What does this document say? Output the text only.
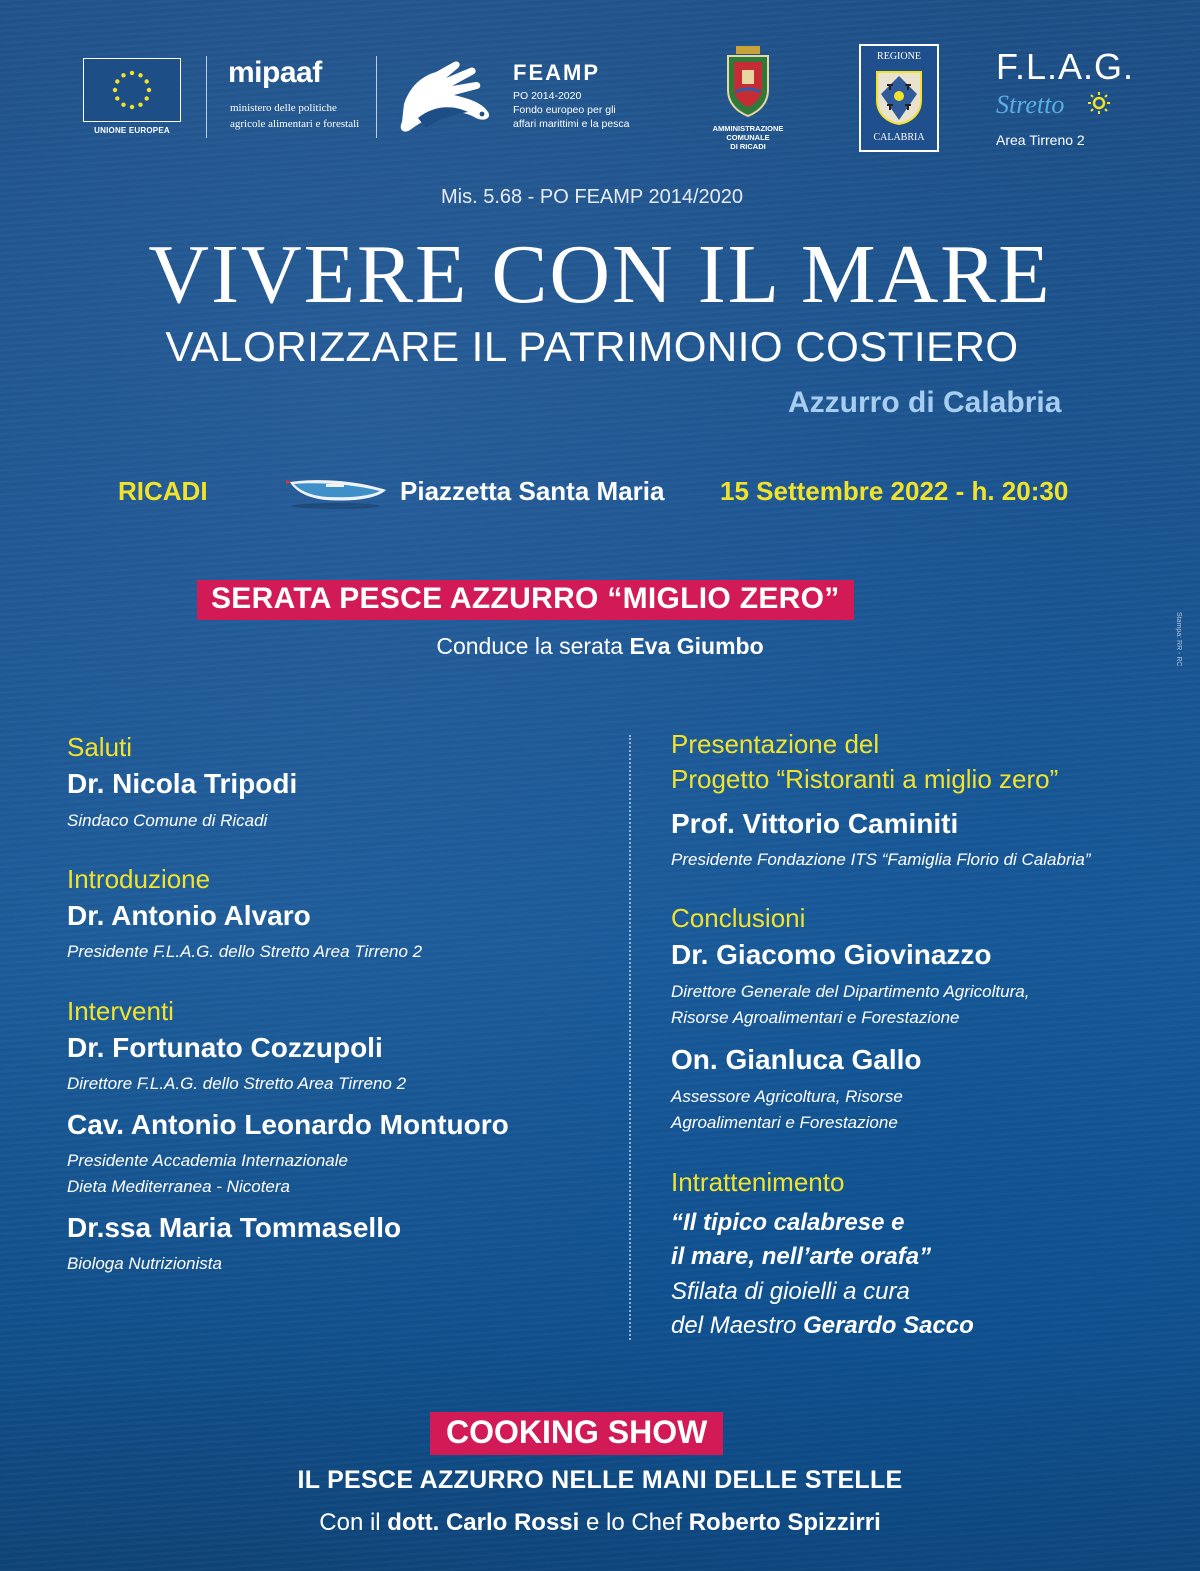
UNIONE EUROPEA
mipaaf
ministero delle politiche
agricole alimentari e forestali
FEAMP
PO 2014-2020
Fondo europeo per gli
affari marittimi e la pesca	AMMINISTRAZIONE
COMUNALE
DI RICADI
REGIONE
CALABRIA
F.L.A.G.
Stretto
Area Tirreno 2
Mis. 5.68 - PO FEAMP 2014/2020
VIVERE CON IL MARE
VALORIZZARE IL PATRIMONIO COSTIERO
Azzurro di Calabria
RICADI	Piazzetta Santa Maria 15 Settembre 2022 - h. 20:30
SERATA PESCE AZZURRO “MIGLIO ZERO”
Conduce la serata Eva Giumbo	Stampa: RR - RC
Saluti
Dr. Nicola Tripodi
Sindaco Comune di Ricadi
Introduzione
Dr. Antonio Alvaro
Presidente F.L.A.G. dello Stretto Area Tirreno 2
Interventi
Dr. Fortunato Cozzupoli
Direttore F.L.A.G. dello Stretto Area Tirreno 2
Cav. Antonio Leonardo Montuoro
Presidente Accademia Internazionale
Dieta Mediterranea - Nicotera
Dr.ssa Maria Tommasello
Biologa Nutrizionista
Presentazione del
Progetto “Ristoranti a miglio zero”
Prof. Vittorio Caminiti
Presidente Fondazione ITS “Famiglia Florio di Calabria”
Conclusioni
Dr. Giacomo Giovinazzo
Direttore Generale del Dipartimento Agricoltura,
Risorse Agroalimentari e Forestazione
On. Gianluca Gallo
Assessore Agricoltura, Risorse
Agroalimentari e Forestazione
Intrattenimento
“Il tipico calabrese e
il mare, nell’arte orafa”
Sfilata di gioielli a cura
del Maestro Gerardo Sacco
COOKING SHOW
IL PESCE AZZURRO NELLE MANI DELLE STELLE
Con il dott. Carlo Rossi e lo Chef Roberto Spizzirri
